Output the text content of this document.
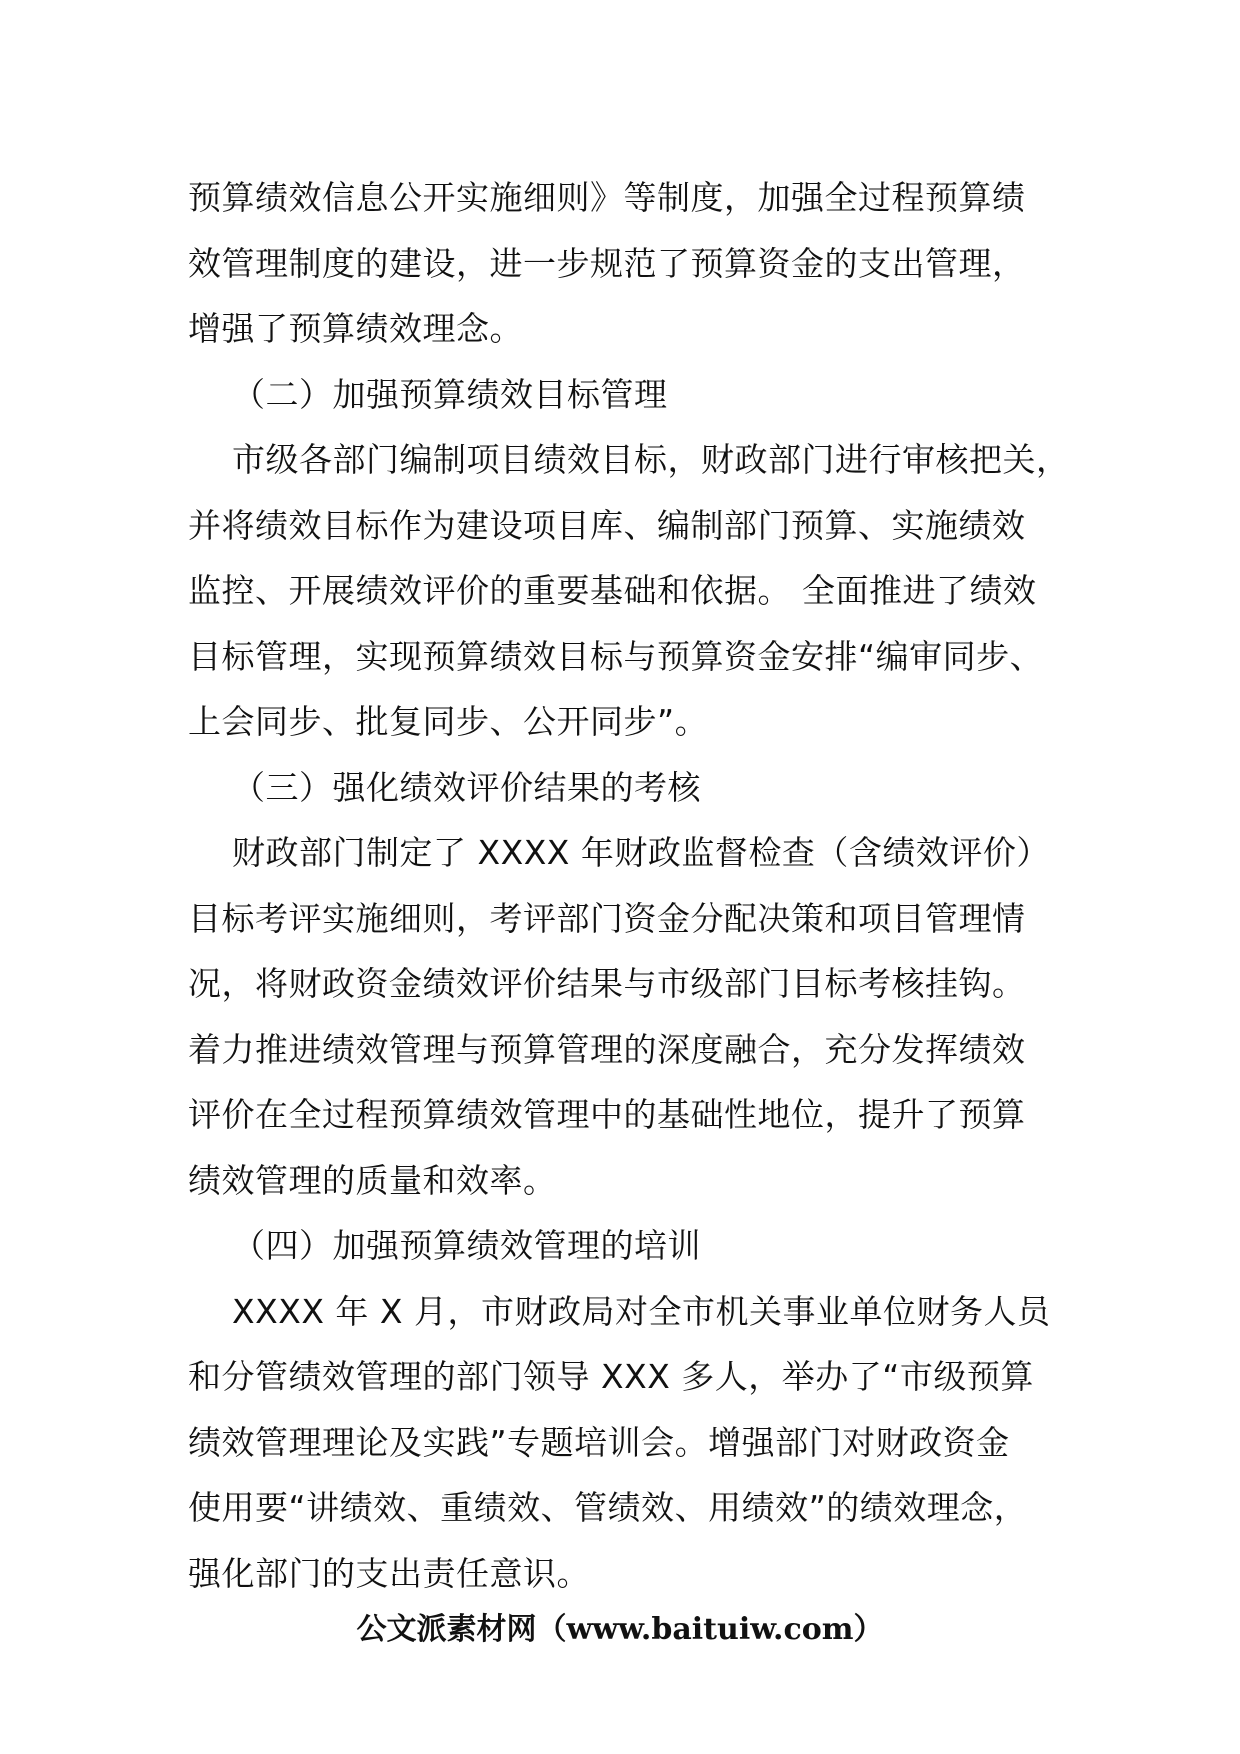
预算绩效信息公开实施细则》等制度，加强全过程预算绩
效管理制度的建设，进一步规范了预算资金的支出管理，
增强了预算绩效理念。
（二）加强预算绩效目标管理
市级各部门编制项目绩效目标，财政部门进行审核把关，
并将绩效目标作为建设项目库、编制部门预算、实施绩效
监控、开展绩效评价的重要基础和依据。 全面推进了绩效
目标管理，实现预算绩效目标与预算资金安排“编审同步、
上会同步、批复同步、公开同步”。
（三）强化绩效评价结果的考核
财政部门制定了 XXXX 年财政监督检查（含绩效评价）
目标考评实施细则，考评部门资金分配决策和项目管理情
况，将财政资金绩效评价结果与市级部门目标考核挂钩。
着力推进绩效管理与预算管理的深度融合，充分发挥绩效
评价在全过程预算绩效管理中的基础性地位，提升了预算
绩效管理的质量和效率。
（四）加强预算绩效管理的培训
XXXX 年 X 月，市财政局对全市机关事业单位财务人员
和分管绩效管理的部门领导 XXX 多人，举办了“市级预算
绩效管理理论及实践”专题培训会。增强部门对财政资金
使用要“讲绩效、重绩效、管绩效、用绩效”的绩效理念，
强化部门的支出责任意识。
公文派素材网（www.baituiw.com）
